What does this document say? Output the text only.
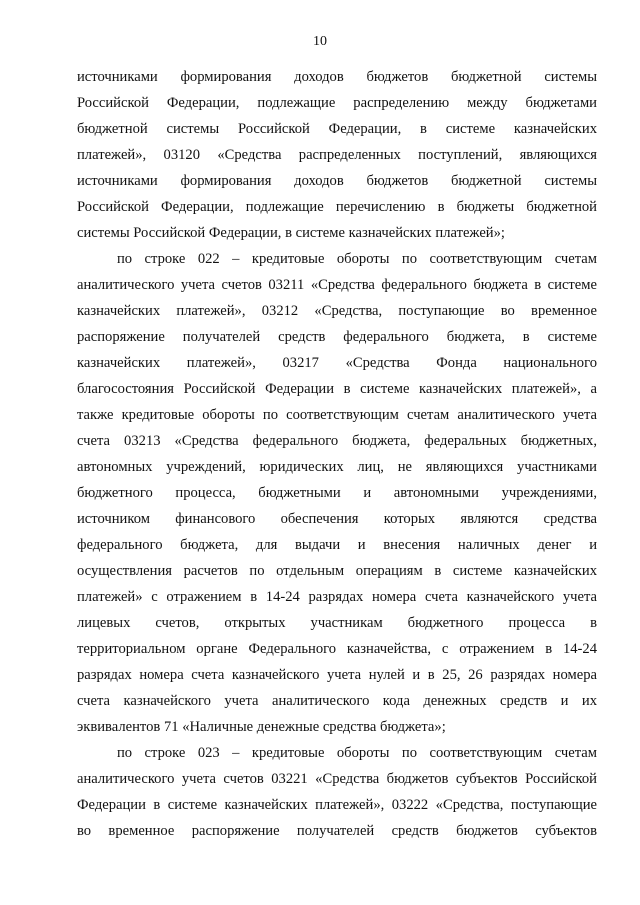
10
источниками формирования доходов бюджетов бюджетной системы
Российской Федерации, подлежащие распределению между бюджетами
бюджетной системы Российской Федерации, в системе казначейских
платежей», 03120 «Средства распределенных поступлений, являющихся
источниками формирования доходов бюджетов бюджетной системы
Российской Федерации, подлежащие перечислению в бюджеты бюджетной
системы Российской Федерации, в системе казначейских платежей»;
по строке 022 – кредитовые обороты по соответствующим счетам
аналитического учета счетов 03211 «Средства федерального бюджета в системе
казначейских платежей», 03212 «Средства, поступающие во временное
распоряжение получателей средств федерального бюджета, в системе
казначейских платежей», 03217 «Средства Фонда национального
благосостояния Российской Федерации в системе казначейских платежей», а
также кредитовые обороты по соответствующим счетам аналитического учета
счета 03213 «Средства федерального бюджета, федеральных бюджетных,
автономных учреждений, юридических лиц, не являющихся участниками
бюджетного процесса, бюджетными и автономными учреждениями,
источником финансового обеспечения которых являются средства
федерального бюджета, для выдачи и внесения наличных денег и
осуществления расчетов по отдельным операциям в системе казначейских
платежей» с отражением в 14-24 разрядах номера счета казначейского учета
лицевых счетов, открытых участникам бюджетного процесса в
территориальном органе Федерального казначейства, с отражением в 14-24
разрядах номера счета казначейского учета нулей и в 25, 26 разрядах номера
счета казначейского учета аналитического кода денежных средств и их
эквивалентов 71 «Наличные денежные средства бюджета»;
по строке 023 – кредитовые обороты по соответствующим счетам
аналитического учета счетов 03221 «Средства бюджетов субъектов Российской
Федерации в системе казначейских платежей», 03222 «Средства, поступающие
во временное распоряжение получателей средств бюджетов субъектов
